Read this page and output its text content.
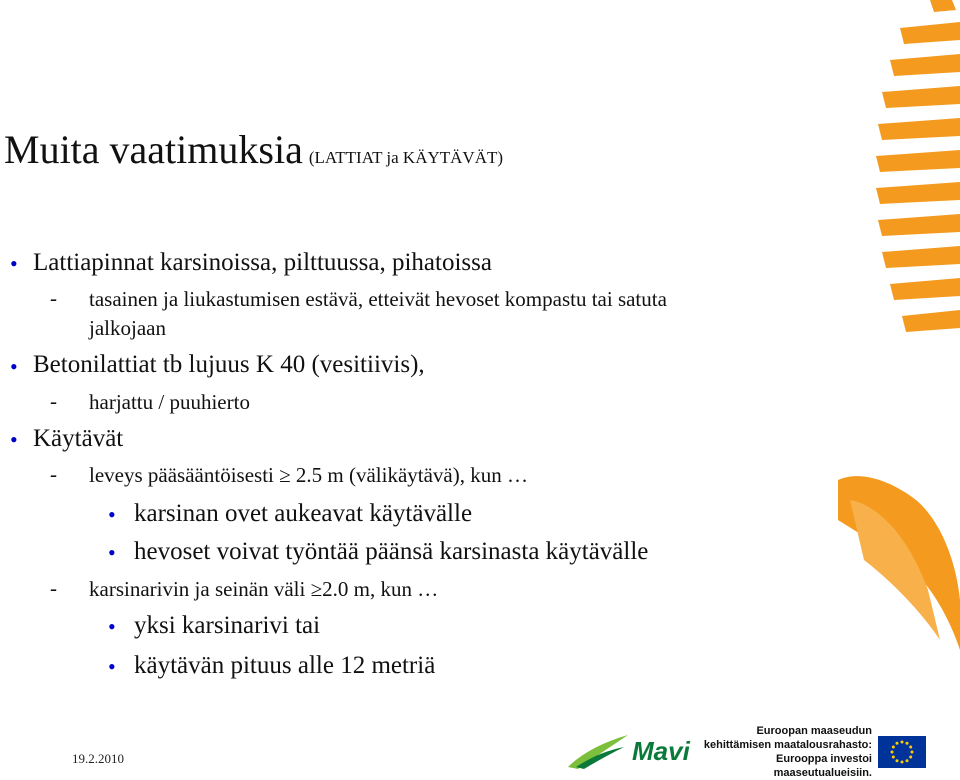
Muita vaatimuksia (LATTIAT ja KÄYTÄVÄT)
• Lattiapinnat karsinoissa, pilttuussa, pihatoissa
- tasainen ja liukastumisen estävä, etteivät hevoset kompastu tai satuta
jalkojaan
• Betonilattiat tb lujuus K 40 (vesitiivis),
- harjattu / puuhierto
• Käytävät
- leveys pääsääntöisesti ≥ 2.5 m (välikäytävä), kun …
• karsinan ovet aukeavat käytävälle
• hevoset voivat työntää päänsä karsinasta käytävälle
- karsinarivin ja seinän väli ≥2.0 m, kun …
• yksi karsinarivi tai
• käytävän pituus alle 12 metriä
19.2.2010	Mavi
Euroopan maaseudun
kehittämisen maatalousrahasto:
Eurooppa investoi maaseutualueisiin.
